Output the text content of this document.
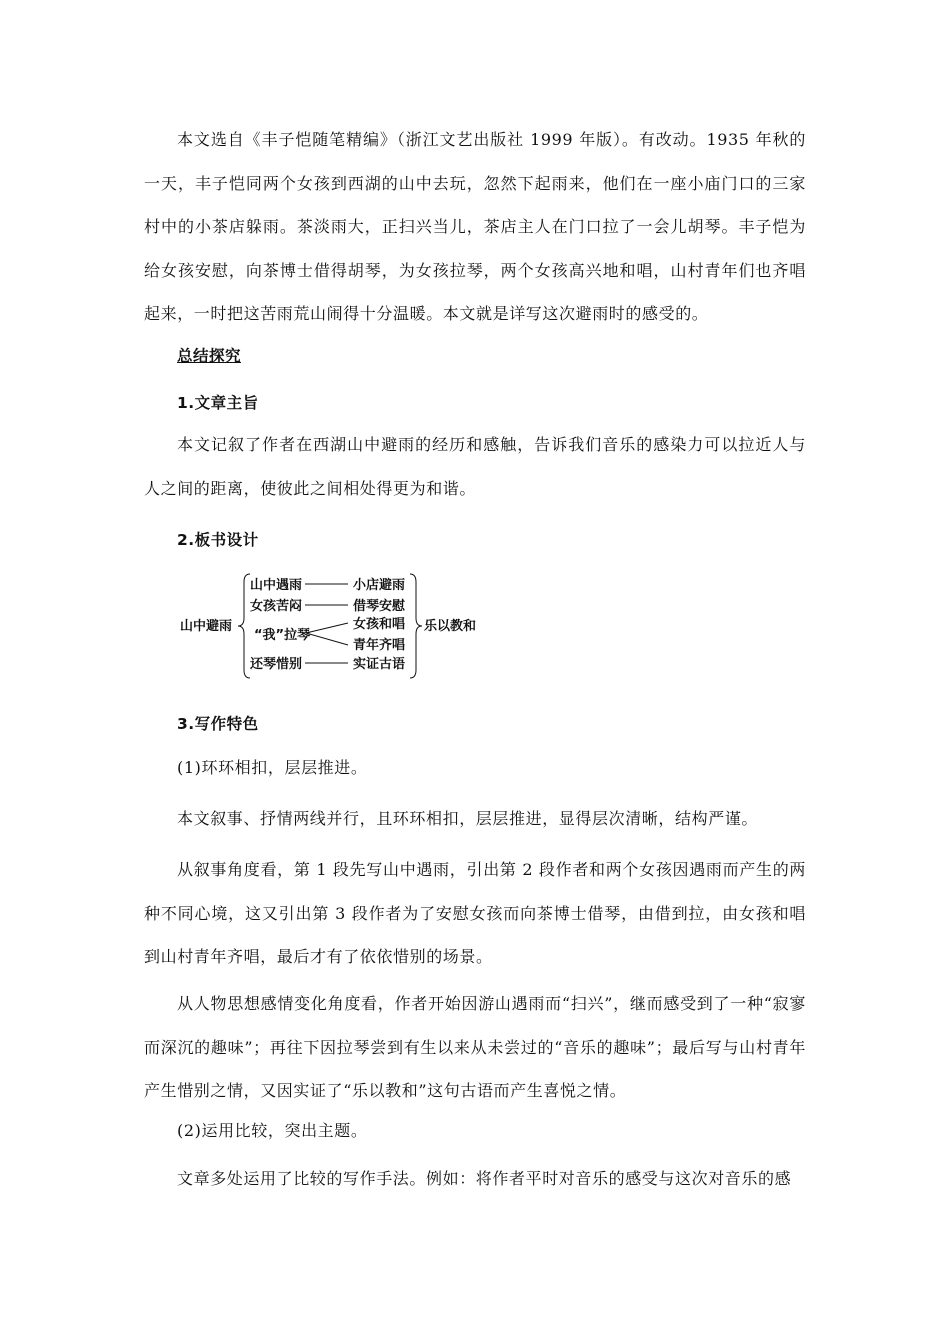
本文选自《丰子恺随笔精编》（浙江文艺出版社 1999 年版）。有改动。1935 年秋的一天，丰子恺同两个女孩到西湖的山中去玩，忽然下起雨来，他们在一座小庙门口的三家村中的小茶店躲雨。茶淡雨大，正扫兴当儿，茶店主人在门口拉了一会儿胡琴。丰子恺为给女孩安慰，向茶博士借得胡琴，为女孩拉琴，两个女孩高兴地和唱，山村青年们也齐唱起来，一时把这苦雨荒山闹得十分温暖。本文就是详写这次避雨时的感受的。

总结探究

1.文章主旨

本文记叙了作者在西湖山中避雨的经历和感触，告诉我们音乐的感染力可以拉近人与人之间的距离，使彼此之间相处得更为和谐。

2.板书设计

山中避雨
山中遇雨
女孩苦闷
“我”拉琴
还琴惜别
小店避雨
借琴安慰
女孩和唱
青年齐唱
实证古语
乐以教和

3.写作特色

(1)环环相扣，层层推进。

本文叙事、抒情两线并行，且环环相扣，层层推进，显得层次清晰，结构严谨。

从叙事角度看，第 1 段先写山中遇雨，引出第 2 段作者和两个女孩因遇雨而产生的两种不同心境，这又引出第 3 段作者为了安慰女孩而向茶博士借琴，由借到拉，由女孩和唱到山村青年齐唱，最后才有了依依惜别的场景。

从人物思想感情变化角度看，作者开始因游山遇雨而“扫兴”，继而感受到了一种“寂寥而深沉的趣味”；再往下因拉琴尝到有生以来从未尝过的“音乐的趣味”；最后写与山村青年产生惜别之情，又因实证了“乐以教和”这句古语而产生喜悦之情。

(2)运用比较，突出主题。

文章多处运用了比较的写作手法。例如：将作者平时对音乐的感受与这次对音乐的感
